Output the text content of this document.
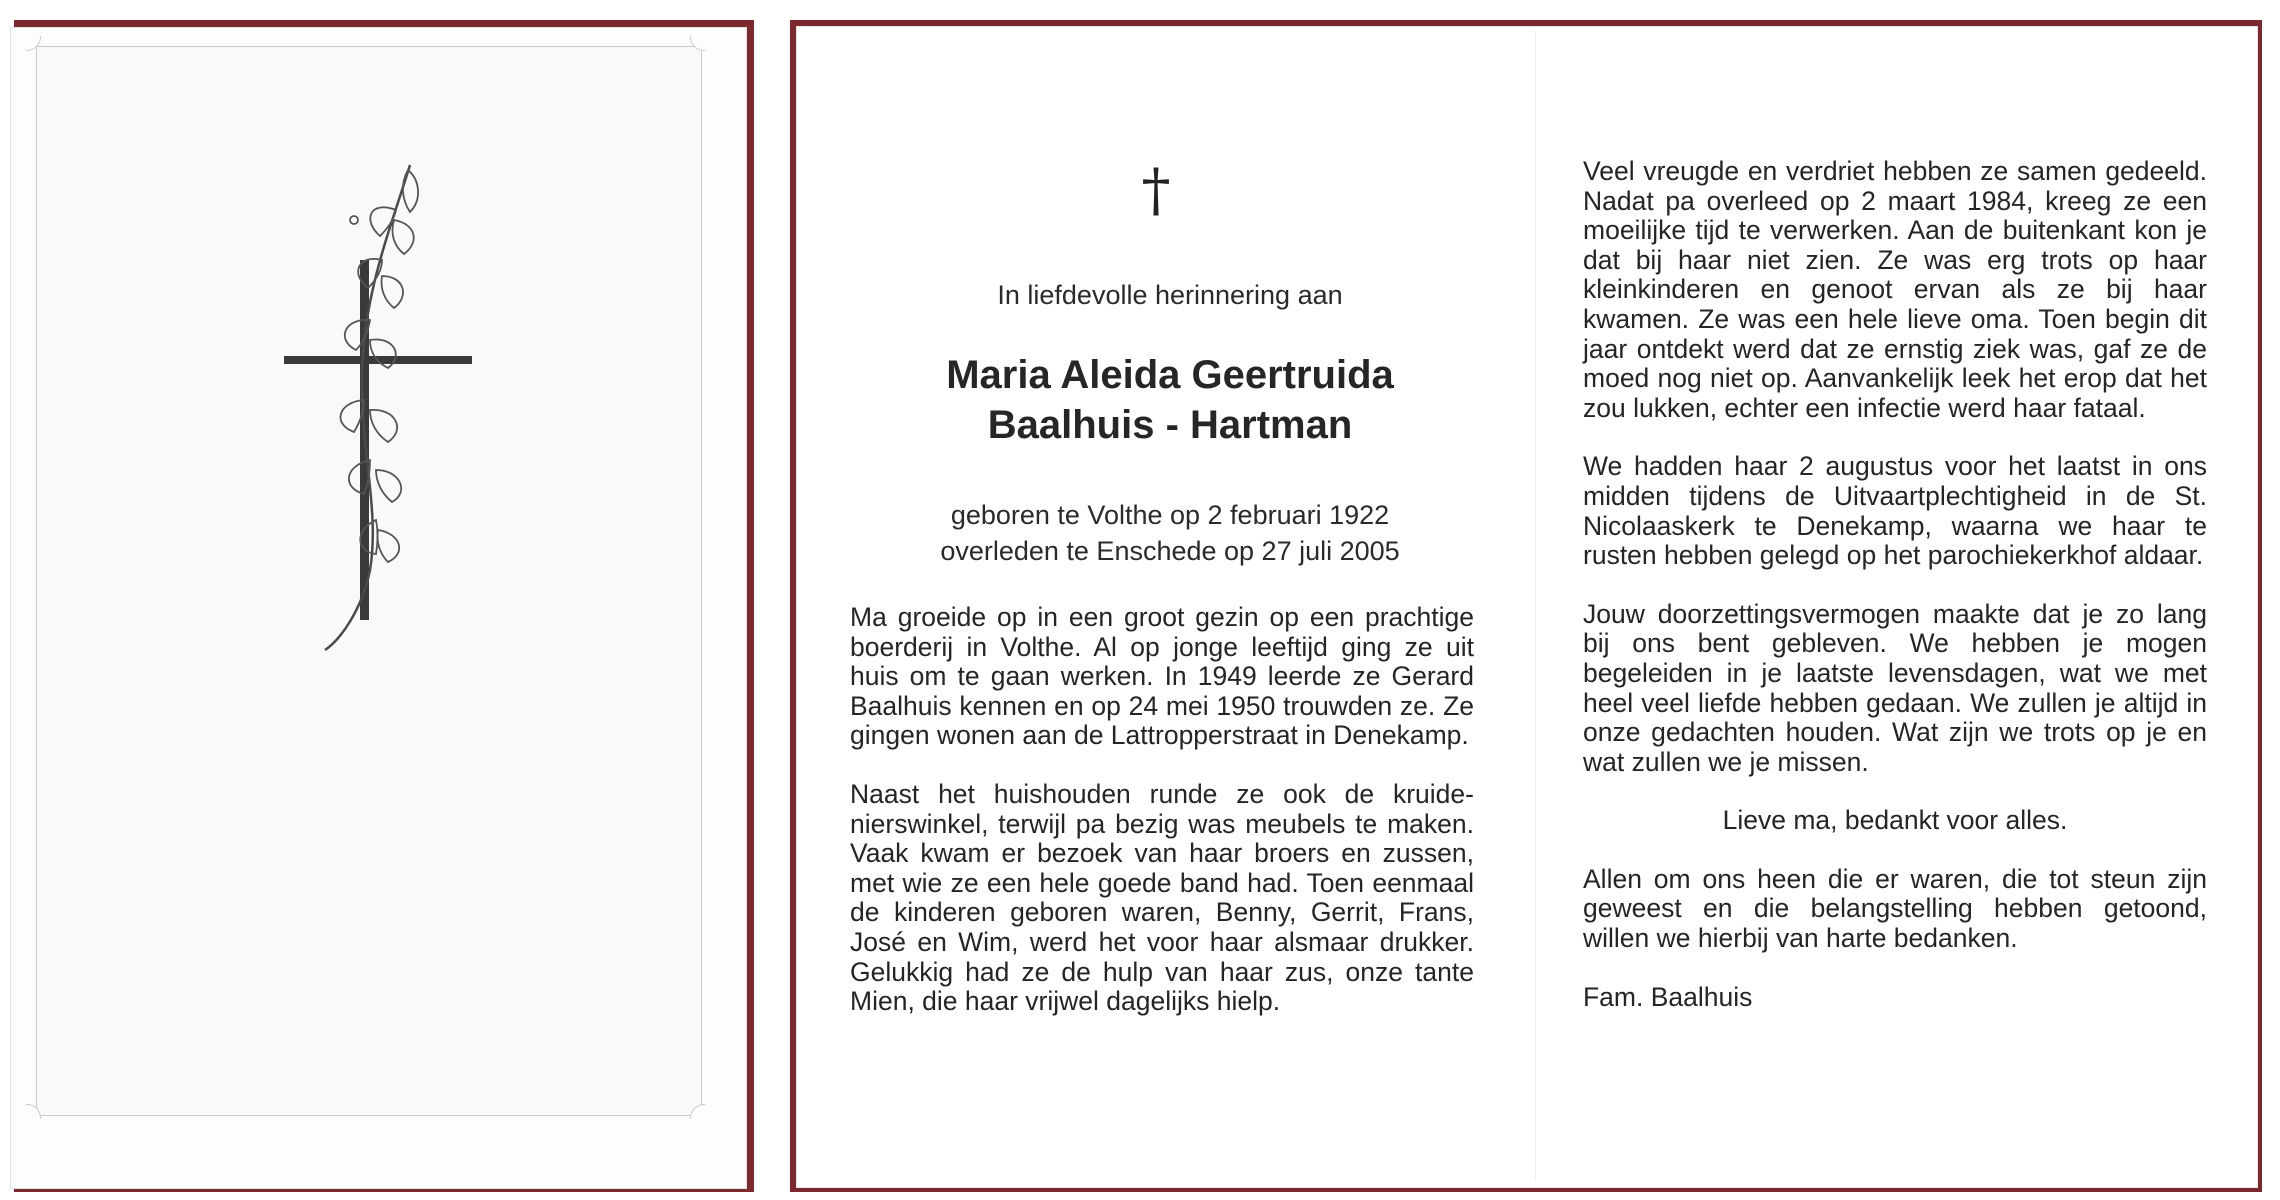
†
In liefdevolle herinnering aan
Maria Aleida Geertruida
Baalhuis - Hartman
geboren te Volthe op 2 februari 1922
overleden te Enschede op 27 juli 2005

Ma groeide op in een groot gezin op een prachtige boerderij in Volthe. Al op jonge leeftijd ging ze uit huis om te gaan werken. In 1949 leerde ze Gerard Baalhuis kennen en op 24 mei 1950 trouwden ze. Ze gingen wonen aan de Lattropperstraat in Denekamp.

Naast het huishouden runde ze ook de kruidenierswinkel, terwijl pa bezig was meubels te maken. Vaak kwam er bezoek van haar broers en zussen, met wie ze een hele goede band had. Toen eenmaal de kinderen geboren waren, Benny, Gerrit, Frans, José en Wim, werd het voor haar alsmaar drukker. Gelukkig had ze de hulp van haar zus, onze tante Mien, die haar vrijwel dagelijks hielp.

Veel vreugde en verdriet hebben ze samen gedeeld. Nadat pa overleed op 2 maart 1984, kreeg ze een moeilijke tijd te verwerken. Aan de buitenkant kon je dat bij haar niet zien. Ze was erg trots op haar kleinkinderen en genoot ervan als ze bij haar kwamen. Ze was een hele lieve oma. Toen begin dit jaar ontdekt werd dat ze ernstig ziek was, gaf ze de moed nog niet op. Aanvankelijk leek het erop dat het zou lukken, echter een infectie werd haar fataal.

We hadden haar 2 augustus voor het laatst in ons midden tijdens de Uitvaartplechtigheid in de St. Nicolaaskerk te Denekamp, waarna we haar te rusten hebben gelegd op het parochiekerkhof aldaar.

Jouw doorzettingsvermogen maakte dat je zo lang bij ons bent gebleven. We hebben je mogen begeleiden in je laatste levensdagen, wat we met heel veel liefde hebben gedaan. We zullen je altijd in onze gedachten houden. Wat zijn we trots op je en wat zullen we je missen.

Lieve ma, bedankt voor alles.

Allen om ons heen die er waren, die tot steun zijn geweest en die belangstelling hebben getoond, willen we hierbij van harte bedanken.

Fam. Baalhuis
